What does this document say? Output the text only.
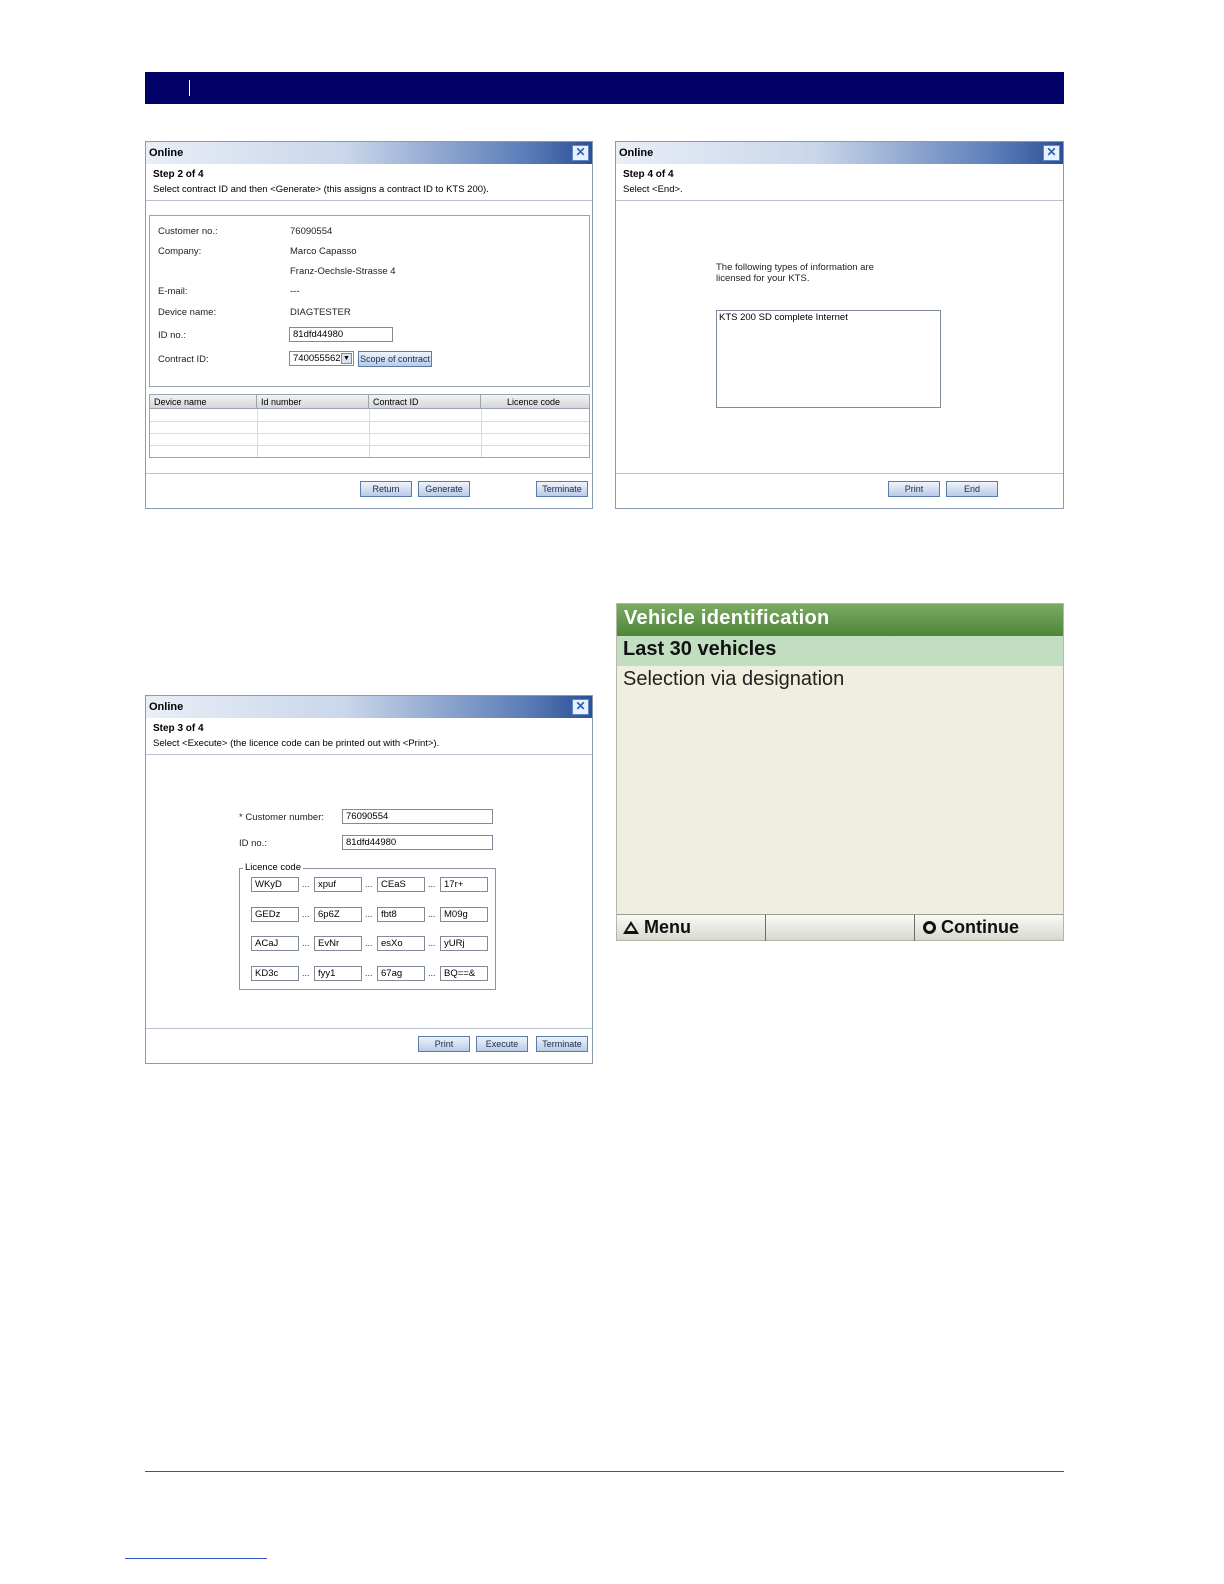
Online	✕
Step 2 of 4
Select contract ID and then <Generate> (this assigns a contract ID to KTS 200).
Customer no.:	76090554
Company:	Marco Capasso
Franz-Oechsle-Strasse 4
E-mail:	---
Device name:	DIAGTESTER
ID no.:	81dfd44980
Contract ID:	740055562 ▼ Scope of contract
Device name	Id number	Contract ID	Licence code
Return	Generate	Terminate
Online	✕
Step 4 of 4
Select <End>.
The following types of information are
licensed for your KTS.
KTS 200 SD complete Internet
Print	End
Online	✕
Step 3 of 4
Select <Execute> (the licence code can be printed out with <Print>).
* Customer number:	76090554
ID no.:	81dfd44980
Licence code
WKyD	... xpuf	... CEaS	... 17r+
GEDz	... 6p6Z	... fbt8	... M09g
ACaJ	... EvNr	... esXo	... yURj
KD3c	... fyy1	... 67ag	... BQ==&
Print	Execute	Terminate
Vehicle identification
Last 30 vehicles
Selection via designation
Menu	Continue
